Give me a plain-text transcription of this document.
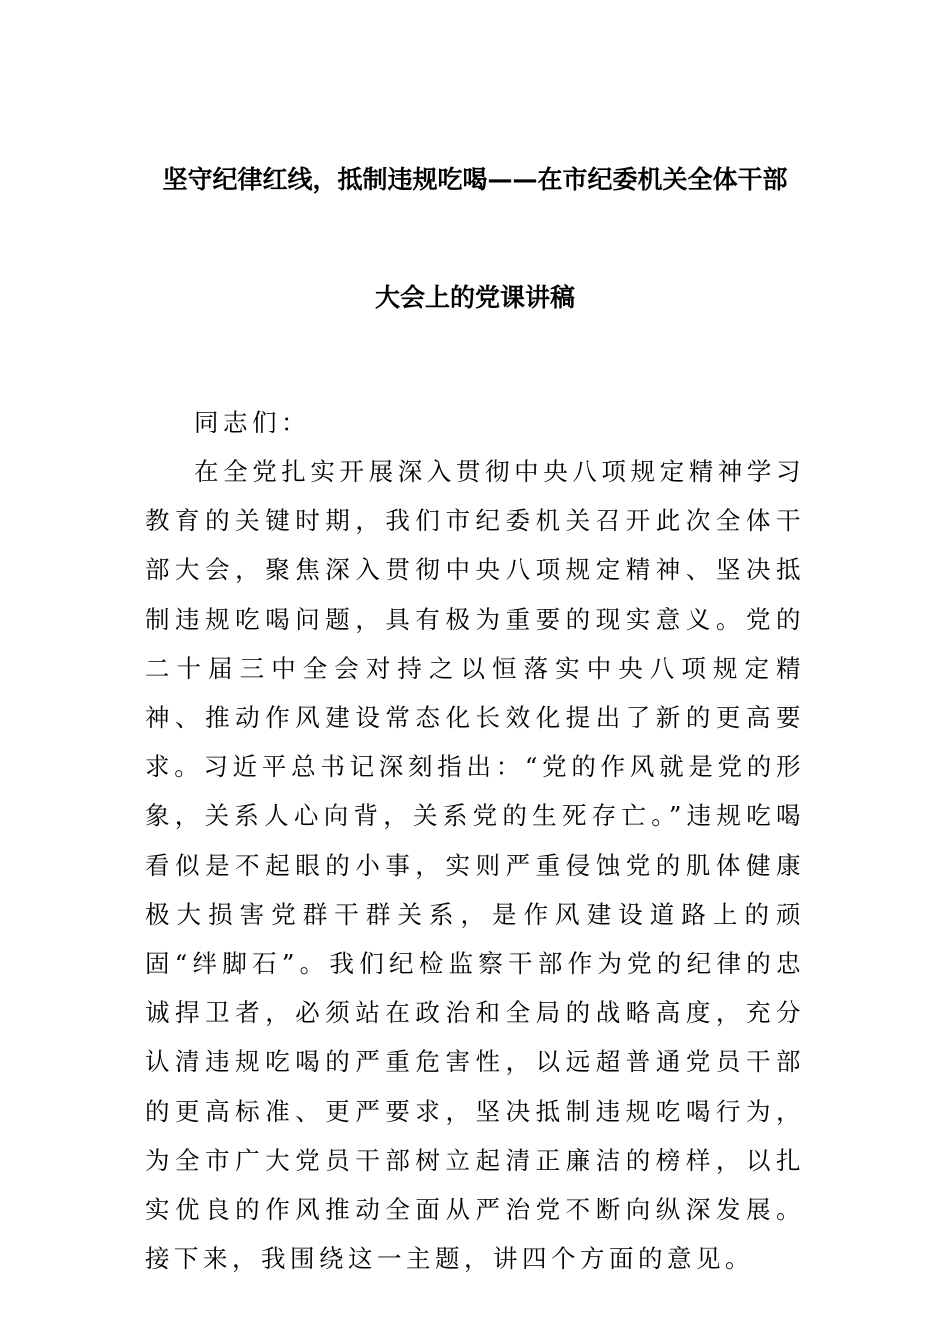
坚守纪律红线，抵制违规吃喝——在市纪委机关全体干部
大会上的党课讲稿
同志们：
在全党扎实开展深入贯彻中央八项规定精神学习教育的关键时期，我们市纪委机关召开此次全体干部大会，聚焦深入贯彻中央八项规定精神、坚决抵制违规吃喝问题，具有极为重要的现实意义。党的二十届三中全会对持之以恒落实中央八项规定精神、推动作风建设常态化长效化提出了新的更高要求。习近平总书记深刻指出：“党的作风就是党的形象，关系人心向背，关系党的生死存亡。”违规吃喝看似是不起眼的小事，实则严重侵蚀党的肌体健康极大损害党群干群关系，是作风建设道路上的顽固“绊脚石”。我们纪检监察干部作为党的纪律的忠诚捍卫者，必须站在政治和全局的战略高度，充分认清违规吃喝的严重危害性，以远超普通党员干部的更高标准、更严要求，坚决抵制违规吃喝行为，为全市广大党员干部树立起清正廉洁的榜样，以扎实优良的作风推动全面从严治党不断向纵深发展。接下来，我围绕这一主题，讲四个方面的意见。
